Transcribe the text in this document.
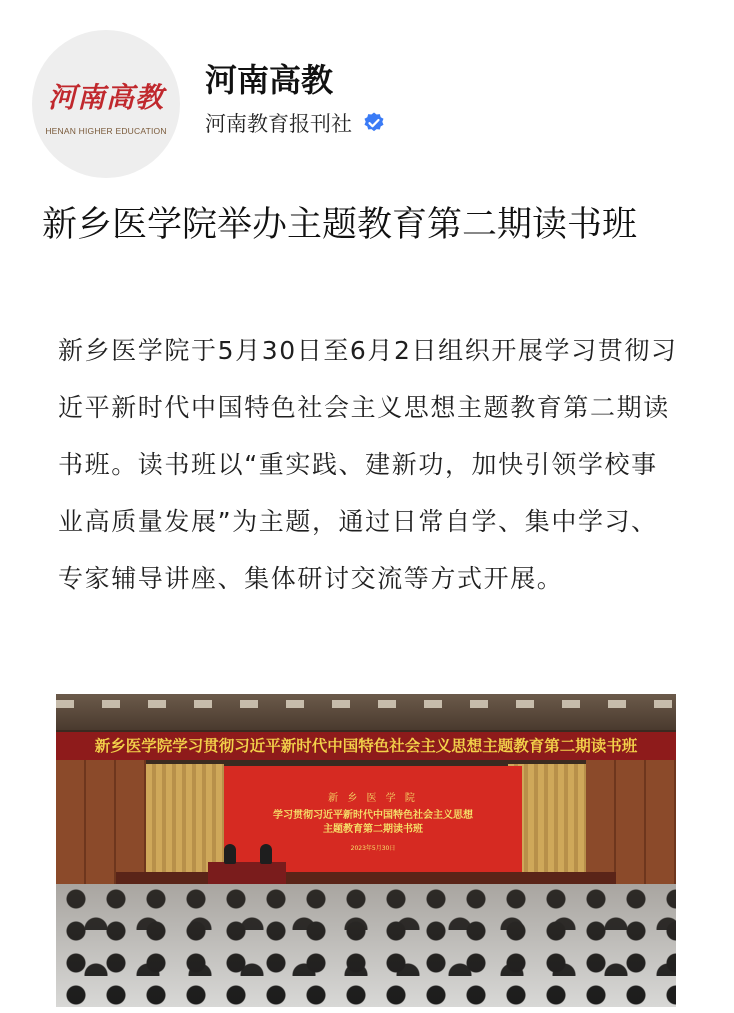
河南高教
HENAN HIGHER EDUCATION
河南高教
河南教育报刊社
新乡医学院举办主题教育第二期读书班

新乡医学院于5月30日至6月2日组织开展学习贯彻习近平新时代中国特色社会主义思想主题教育第二期读书班。读书班以“重实践、建新功，加快引领学校事业高质量发展”为主题，通过日常自学、集中学习、专家辅导讲座、集体研讨交流等方式开展。

新乡医学院学习贯彻习近平新时代中国特色社会主义思想主题教育第二期读书班
新 乡 医 学 院
学习贯彻习近平新时代中国特色社会主义思想
主题教育第二期读书班
2023年5月30日
